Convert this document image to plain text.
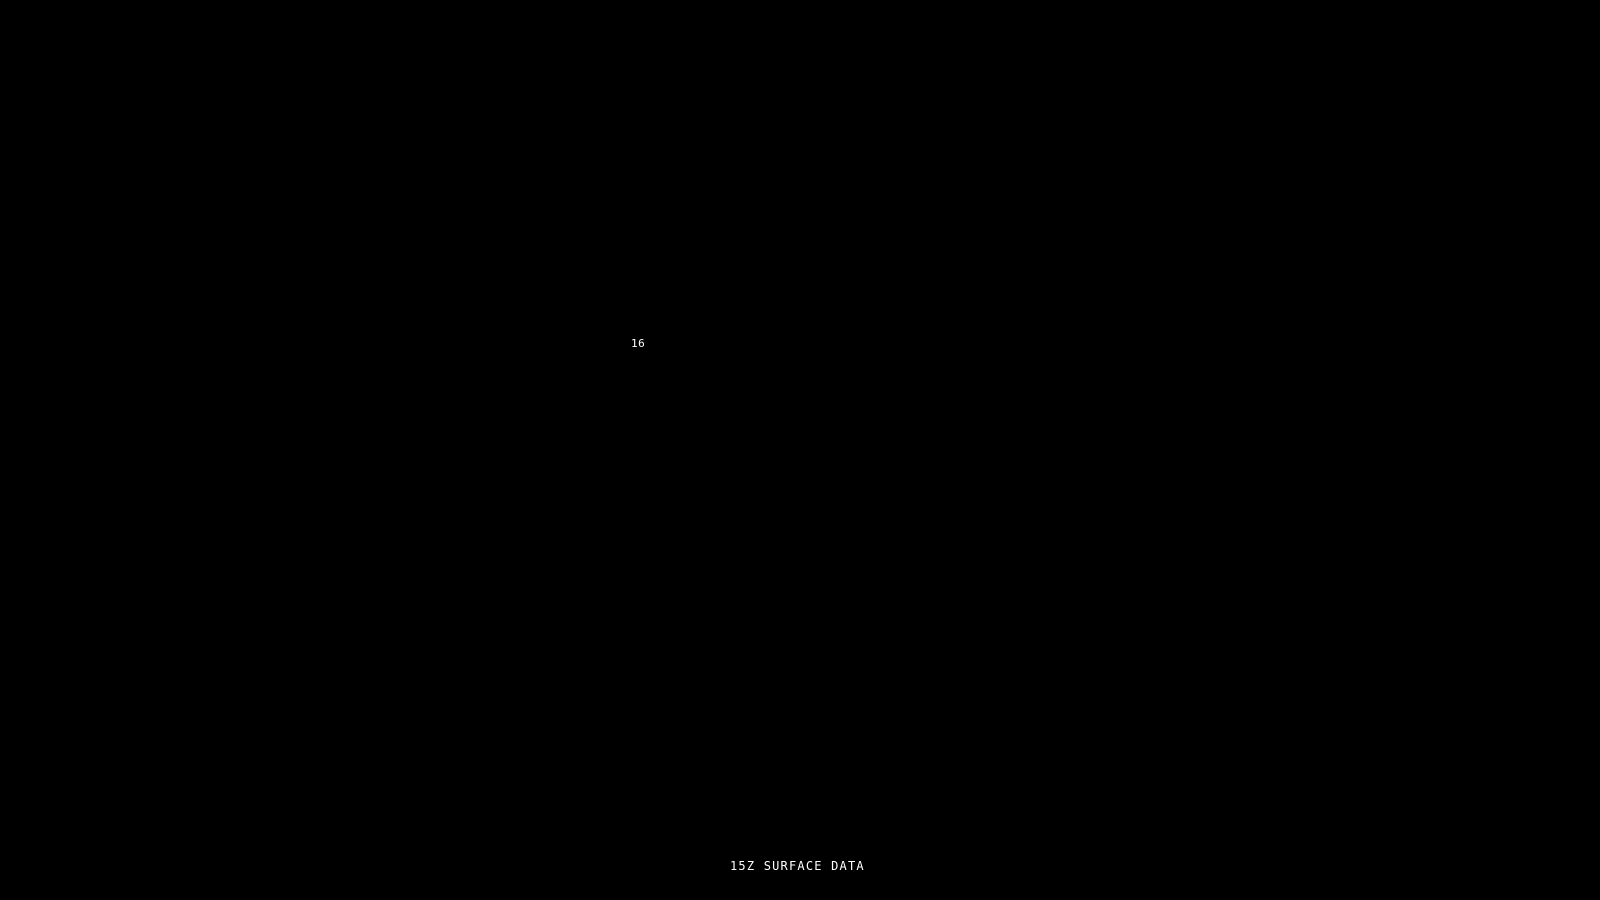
16
15Z SURFACE DATA
